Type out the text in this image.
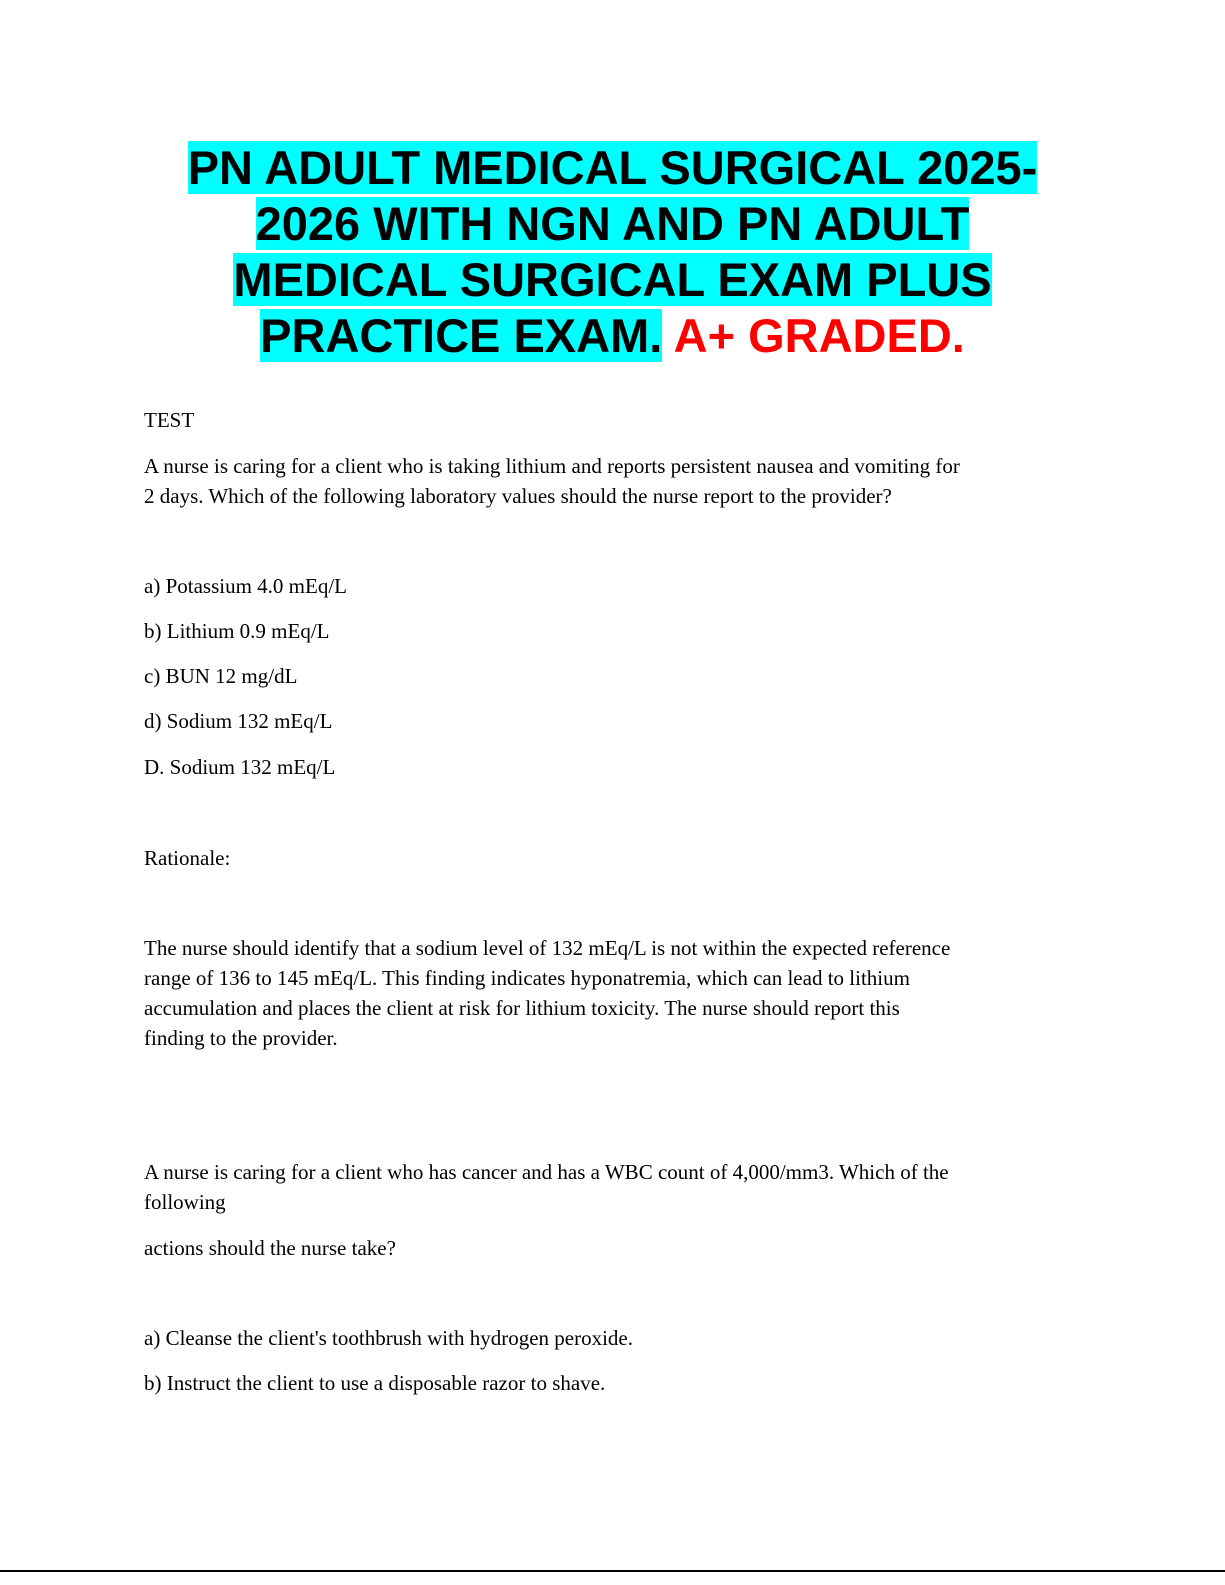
PN ADULT MEDICAL SURGICAL 2025-
2026 WITH NGN AND PN ADULT
MEDICAL SURGICAL EXAM PLUS
PRACTICE EXAM. A+ GRADED.
TEST
A nurse is caring for a client who is taking lithium and reports persistent nausea and vomiting for
2 days. Which of the following laboratory values should the nurse report to the provider?
a) Potassium 4.0 mEq/L
b) Lithium 0.9 mEq/L
c) BUN 12 mg/dL
d) Sodium 132 mEq/L
D. Sodium 132 mEq/L
Rationale:
The nurse should identify that a sodium level of 132 mEq/L is not within the expected reference
range of 136 to 145 mEq/L. This finding indicates hyponatremia, which can lead to lithium
accumulation and places the client at risk for lithium toxicity. The nurse should report this
finding to the provider.
A nurse is caring for a client who has cancer and has a WBC count of 4,000/mm3. Which of the
following
actions should the nurse take?
a) Cleanse the client's toothbrush with hydrogen peroxide.
b) Instruct the client to use a disposable razor to shave.
